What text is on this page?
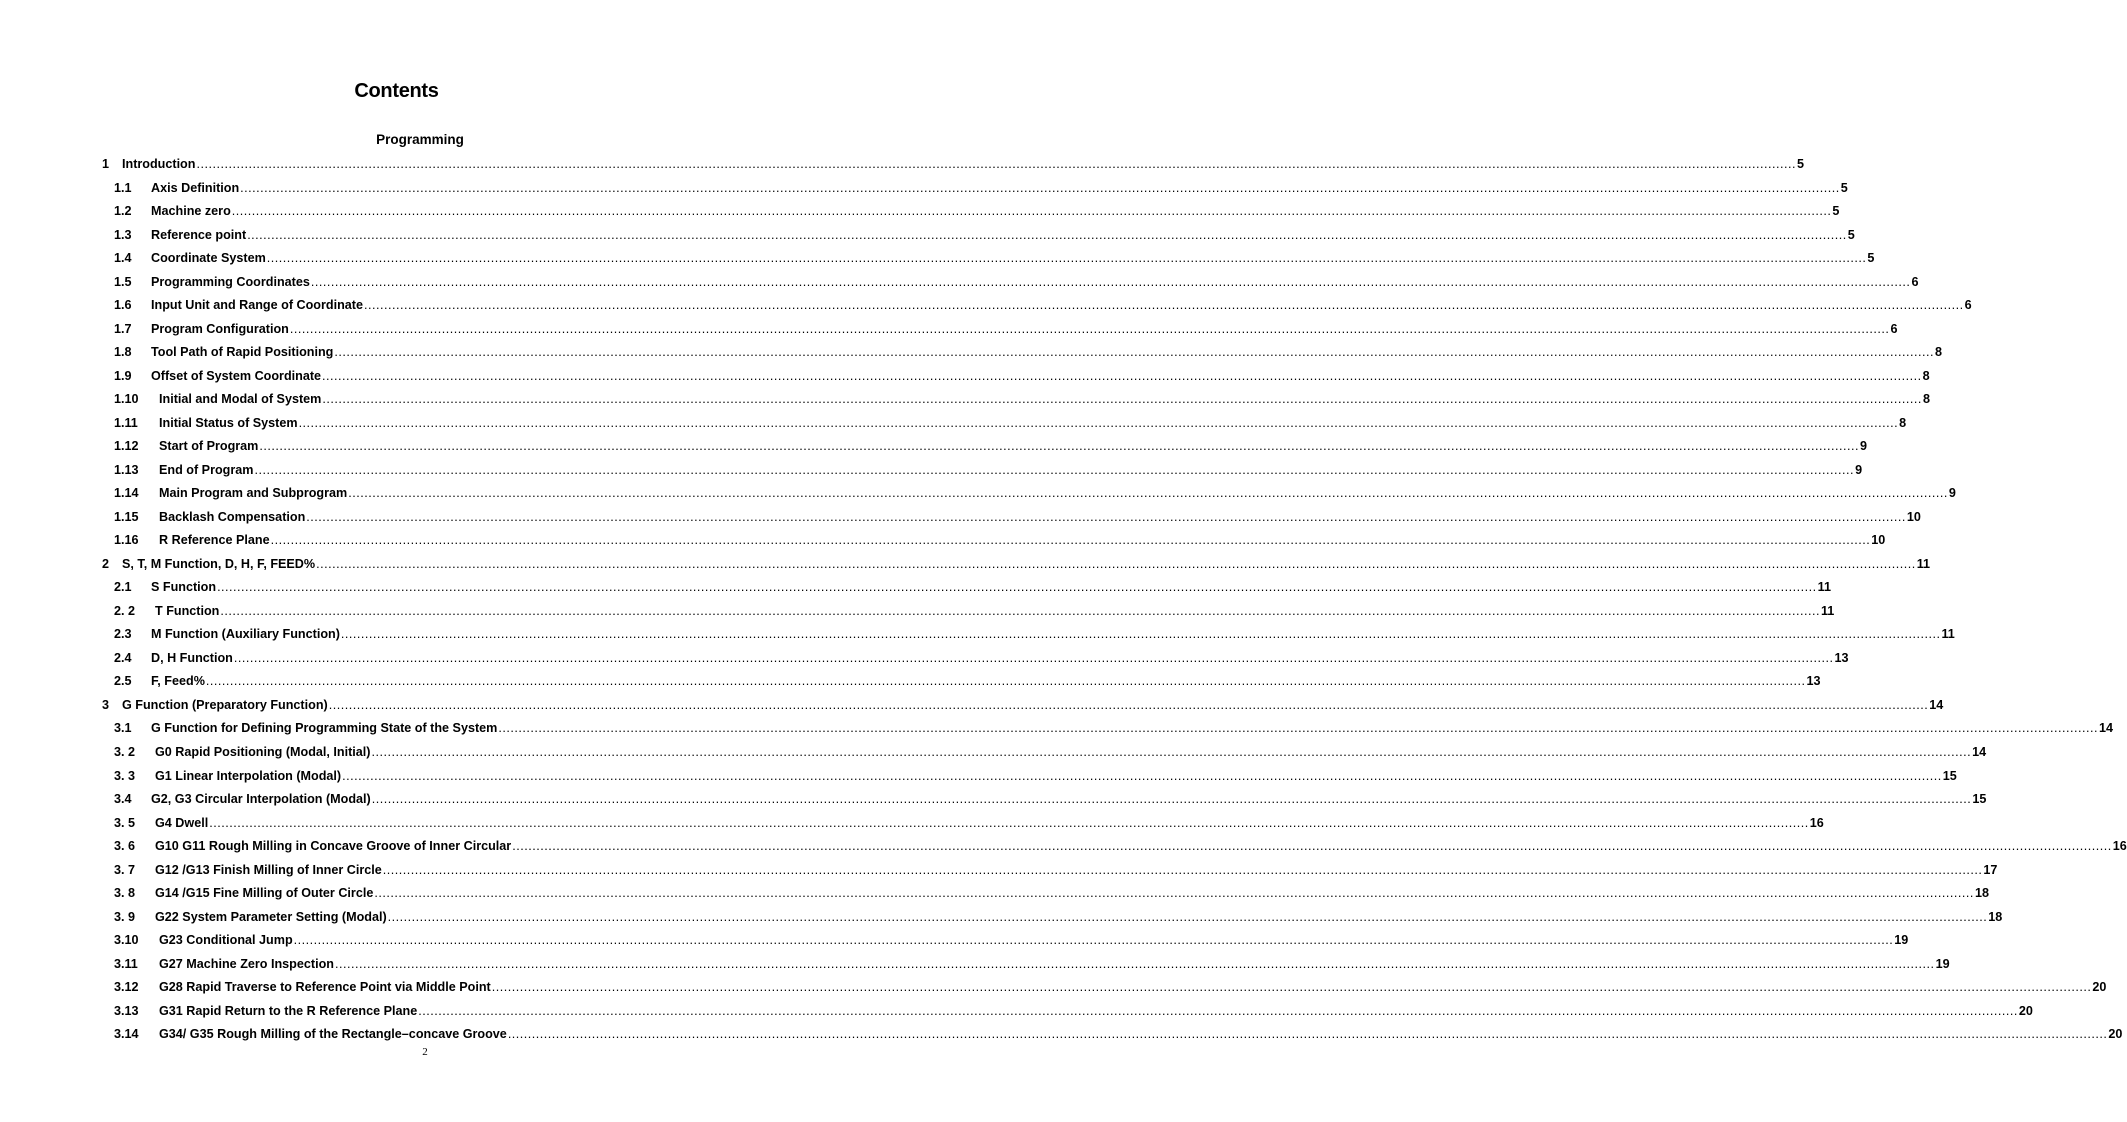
Contents
Programming
1 Introduction ................................................................................................................................................................................................................................................................................................................................................................................................................ 5
1.1 Axis Definition ................................................................................................................................................................................................................................................................................................................................................................................................................ 5
1.2 Machine zero ................................................................................................................................................................................................................................................................................................................................................................................................................ 5
1.3 Reference point ................................................................................................................................................................................................................................................................................................................................................................................................................ 5
1.4 Coordinate System ................................................................................................................................................................................................................................................................................................................................................................................................................ 5
1.5 Programming Coordinates ................................................................................................................................................................................................................................................................................................................................................................................................................ 6
1.6 Input Unit and Range of Coordinate ................................................................................................................................................................................................................................................................................................................................................................................................................ 6
1.7 Program Configuration ................................................................................................................................................................................................................................................................................................................................................................................................................ 6
1.8 Tool Path of Rapid Positioning ................................................................................................................................................................................................................................................................................................................................................................................................................ 8
1.9 Offset of System Coordinate ................................................................................................................................................................................................................................................................................................................................................................................................................ 8
1.10 Initial and Modal of System ................................................................................................................................................................................................................................................................................................................................................................................................................ 8
1.11 Initial Status of System ................................................................................................................................................................................................................................................................................................................................................................................................................ 8
1.12 Start of Program ................................................................................................................................................................................................................................................................................................................................................................................................................ 9
1.13 End of Program ................................................................................................................................................................................................................................................................................................................................................................................................................ 9
1.14 Main Program and Subprogram ................................................................................................................................................................................................................................................................................................................................................................................................................ 9
1.15 Backlash Compensation ................................................................................................................................................................................................................................................................................................................................................................................................................ 10
1.16 R Reference Plane ................................................................................................................................................................................................................................................................................................................................................................................................................ 10
2 S, T, M Function, D, H, F, FEED% ................................................................................................................................................................................................................................................................................................................................................................................................................ 11
2.1 S Function ................................................................................................................................................................................................................................................................................................................................................................................................................ 11
2. 2 T Function ................................................................................................................................................................................................................................................................................................................................................................................................................ 11
2.3 M Function (Auxiliary Function) ................................................................................................................................................................................................................................................................................................................................................................................................................ 11
2.4 D, H Function ................................................................................................................................................................................................................................................................................................................................................................................................................ 13
2.5 F, Feed% ................................................................................................................................................................................................................................................................................................................................................................................................................ 13
3 G Function (Preparatory Function) ................................................................................................................................................................................................................................................................................................................................................................................................................ 14
3.1 G Function for Defining Programming State of the System ................................................................................................................................................................................................................................................................................................................................................................................................................ 14
3. 2 G0 Rapid Positioning (Modal, Initial) ................................................................................................................................................................................................................................................................................................................................................................................................................ 14
3. 3 G1 Linear Interpolation (Modal) ................................................................................................................................................................................................................................................................................................................................................................................................................ 15
3.4 G2, G3 Circular Interpolation (Modal) ................................................................................................................................................................................................................................................................................................................................................................................................................ 15
3. 5 G4 Dwell ................................................................................................................................................................................................................................................................................................................................................................................................................ 16
3. 6 G10 G11 Rough Milling in Concave Groove of Inner Circular ................................................................................................................................................................................................................................................................................................................................................................................................................ 16
3. 7 G12 /G13 Finish Milling of Inner Circle ................................................................................................................................................................................................................................................................................................................................................................................................................ 17
3. 8 G14 /G15 Fine Milling of Outer Circle ................................................................................................................................................................................................................................................................................................................................................................................................................ 18
3. 9 G22 System Parameter Setting (Modal) ................................................................................................................................................................................................................................................................................................................................................................................................................ 18
3.10 G23 Conditional Jump ................................................................................................................................................................................................................................................................................................................................................................................................................ 19
3.11 G27 Machine Zero Inspection ................................................................................................................................................................................................................................................................................................................................................................................................................ 19
3.12 G28 Rapid Traverse to Reference Point via Middle Point ................................................................................................................................................................................................................................................................................................................................................................................................................ 20
3.13 G31 Rapid Return to the R Reference Plane ................................................................................................................................................................................................................................................................................................................................................................................................................ 20
3.14 G34/ G35 Rough Milling of the Rectangle–concave Groove ................................................................................................................................................................................................................................................................................................................................................................................................................ 20
2
